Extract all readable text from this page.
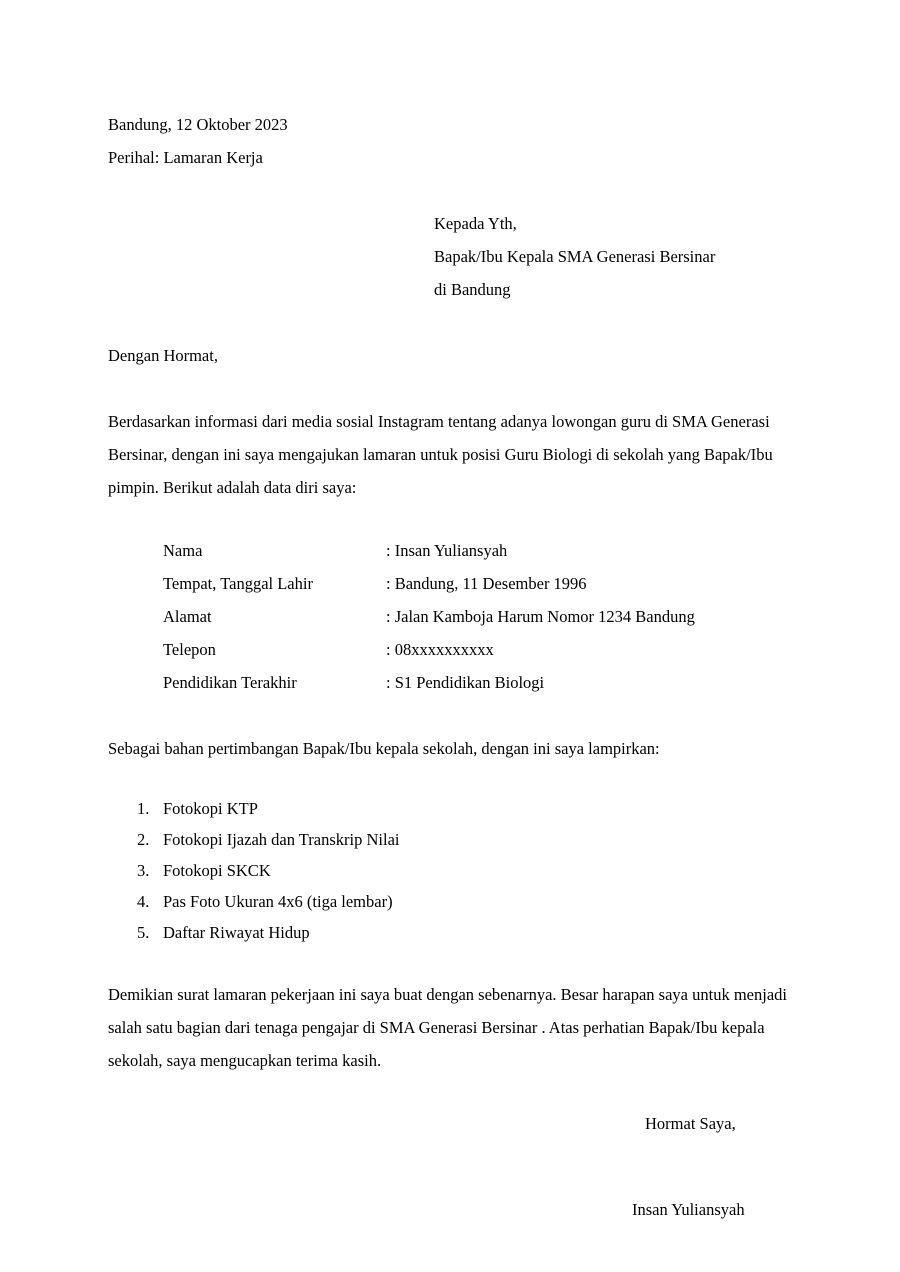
Bandung, 12 Oktober 2023
Perihal: Lamaran Kerja
Kepada Yth,
Bapak/Ibu Kepala SMA Generasi Bersinar
di Bandung
Dengan Hormat,
Berdasarkan informasi dari media sosial Instagram tentang adanya lowongan guru di SMA Generasi Bersinar, dengan ini saya mengajukan lamaran untuk posisi Guru Biologi di sekolah yang Bapak/Ibu pimpin. Berikut adalah data diri saya:
Nama	: Insan Yuliansyah
Tempat, Tanggal Lahir	: Bandung, 11 Desember 1996
Alamat	: Jalan Kamboja Harum Nomor 1234 Bandung
Telepon	: 08xxxxxxxxxx
Pendidikan Terakhir	: S1 Pendidikan Biologi
Sebagai bahan pertimbangan Bapak/Ibu kepala sekolah, dengan ini saya lampirkan:
1. Fotokopi KTP
2. Fotokopi Ijazah dan Transkrip Nilai
3. Fotokopi SKCK
4. Pas Foto Ukuran 4x6 (tiga lembar)
5. Daftar Riwayat Hidup
Demikian surat lamaran pekerjaan ini saya buat dengan sebenarnya. Besar harapan saya untuk menjadi salah satu bagian dari tenaga pengajar di SMA Generasi Bersinar . Atas perhatian Bapak/Ibu kepala sekolah, saya mengucapkan terima kasih.
Hormat Saya,
Insan Yuliansyah
